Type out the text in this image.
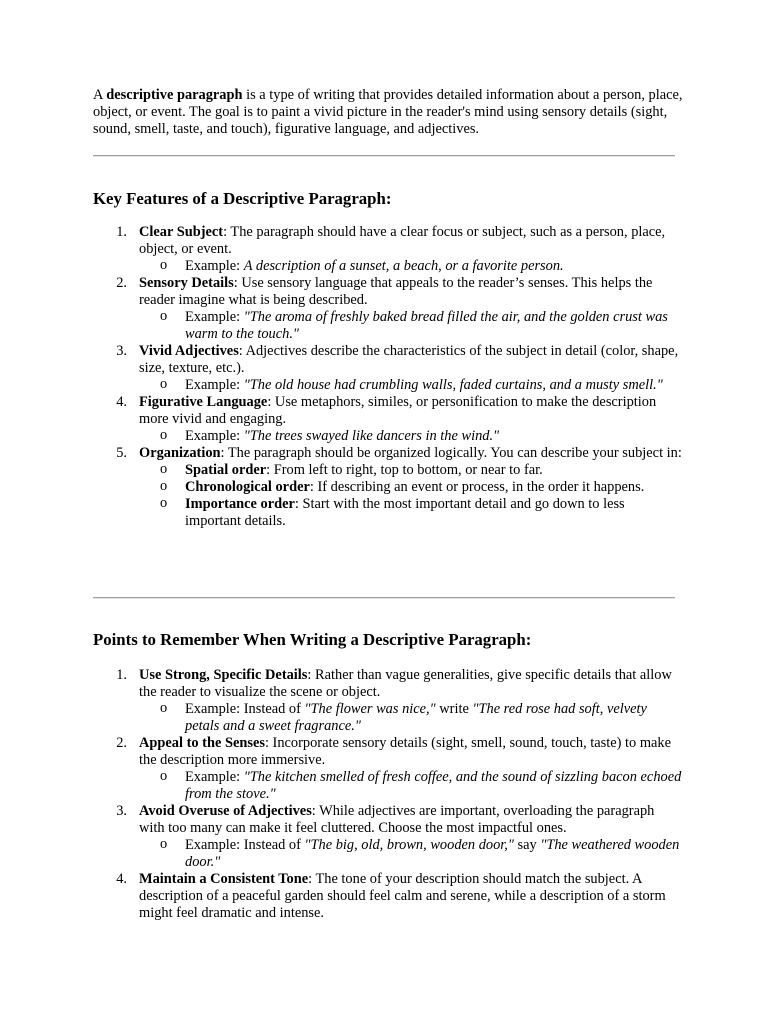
A descriptive paragraph is a type of writing that provides detailed information about a person, place, object, or event. The goal is to paint a vivid picture in the reader's mind using sensory details (sight, sound, smell, taste, and touch), figurative language, and adjectives.

Key Features of a Descriptive Paragraph:
1. Clear Subject: The paragraph should have a clear focus or subject, such as a person, place, object, or event.
o Example: A description of a sunset, a beach, or a favorite person.
2. Sensory Details: Use sensory language that appeals to the reader’s senses. This helps the reader imagine what is being described.
o Example: "The aroma of freshly baked bread filled the air, and the golden crust was warm to the touch."
3. Vivid Adjectives: Adjectives describe the characteristics of the subject in detail (color, shape, size, texture, etc.).
o Example: "The old house had crumbling walls, faded curtains, and a musty smell."
4. Figurative Language: Use metaphors, similes, or personification to make the description more vivid and engaging.
o Example: "The trees swayed like dancers in the wind."
5. Organization: The paragraph should be organized logically. You can describe your subject in:
o Spatial order: From left to right, top to bottom, or near to far.
o Chronological order: If describing an event or process, in the order it happens.
o Importance order: Start with the most important detail and go down to less important details.
Points to Remember When Writing a Descriptive Paragraph:
1. Use Strong, Specific Details: Rather than vague generalities, give specific details that allow the reader to visualize the scene or object.
o Example: Instead of "The flower was nice," write "The red rose had soft, velvety petals and a sweet fragrance."
2. Appeal to the Senses: Incorporate sensory details (sight, smell, sound, touch, taste) to make the description more immersive.
o Example: "The kitchen smelled of fresh coffee, and the sound of sizzling bacon echoed from the stove."
3. Avoid Overuse of Adjectives: While adjectives are important, overloading the paragraph with too many can make it feel cluttered. Choose the most impactful ones.
o Example: Instead of "The big, old, brown, wooden door," say "The weathered wooden door."
4. Maintain a Consistent Tone: The tone of your description should match the subject. A description of a peaceful garden should feel calm and serene, while a description of a storm might feel dramatic and intense.
